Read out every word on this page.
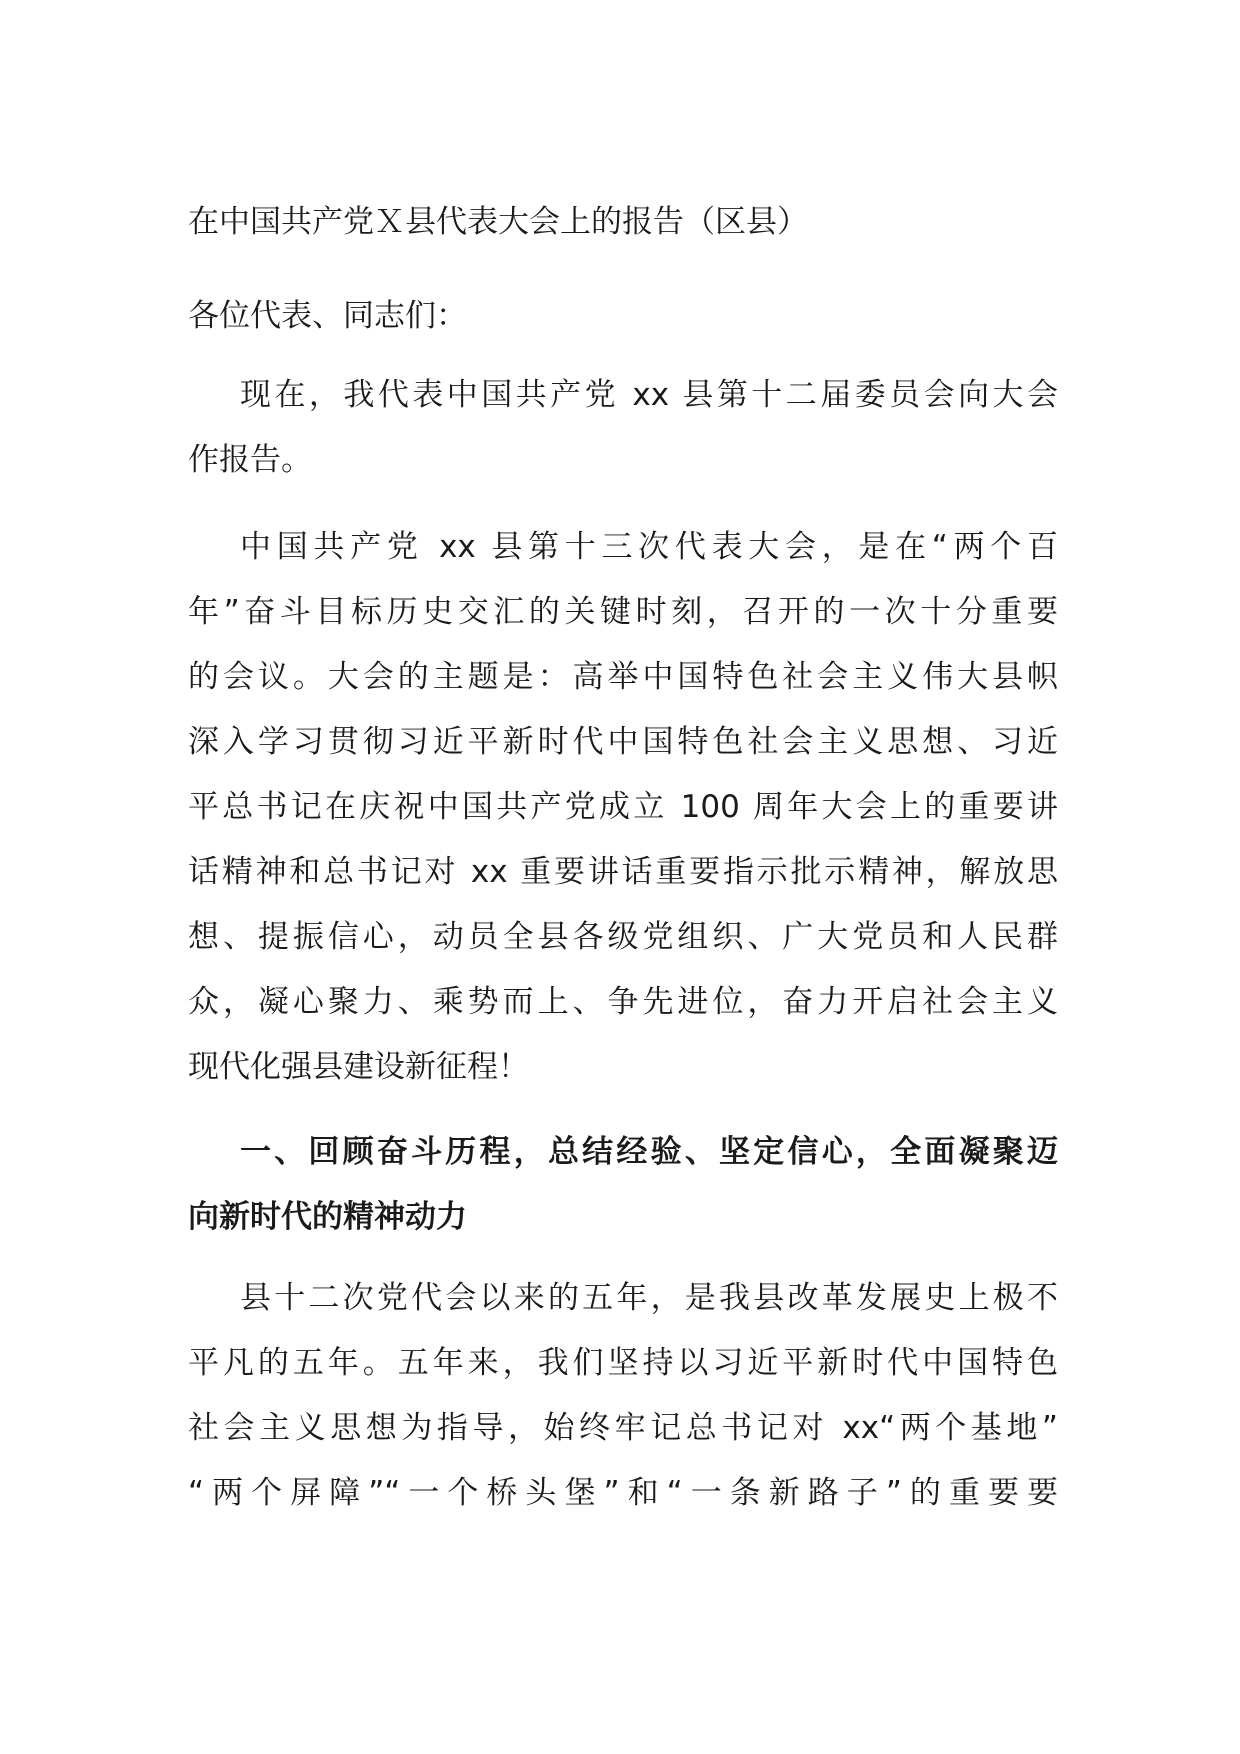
在中国共产党Ｘ县代表大会上的报告（区县）
各位代表、同志们：
现在，我代表中国共产党 xx 县第十二届委员会向大会
作报告。
中国共产党 xx 县第十三次代表大会，是在“两个百
年”奋斗目标历史交汇的关键时刻，召开的一次十分重要
的会议。大会的主题是：高举中国特色社会主义伟大县帜
深入学习贯彻习近平新时代中国特色社会主义思想、习近
平总书记在庆祝中国共产党成立 100 周年大会上的重要讲
话精神和总书记对 xx 重要讲话重要指示批示精神，解放思
想、提振信心，动员全县各级党组织、广大党员和人民群
众，凝心聚力、乘势而上、争先进位，奋力开启社会主义
现代化强县建设新征程！
一、回顾奋斗历程，总结经验、坚定信心，全面凝聚迈
向新时代的精神动力
县十二次党代会以来的五年，是我县改革发展史上极不
平凡的五年。五年来，我们坚持以习近平新时代中国特色
社会主义思想为指导，始终牢记总书记对 xx“两个基地”
“两个屏障”“一个桥头堡”和“一条新路子”的重要要
